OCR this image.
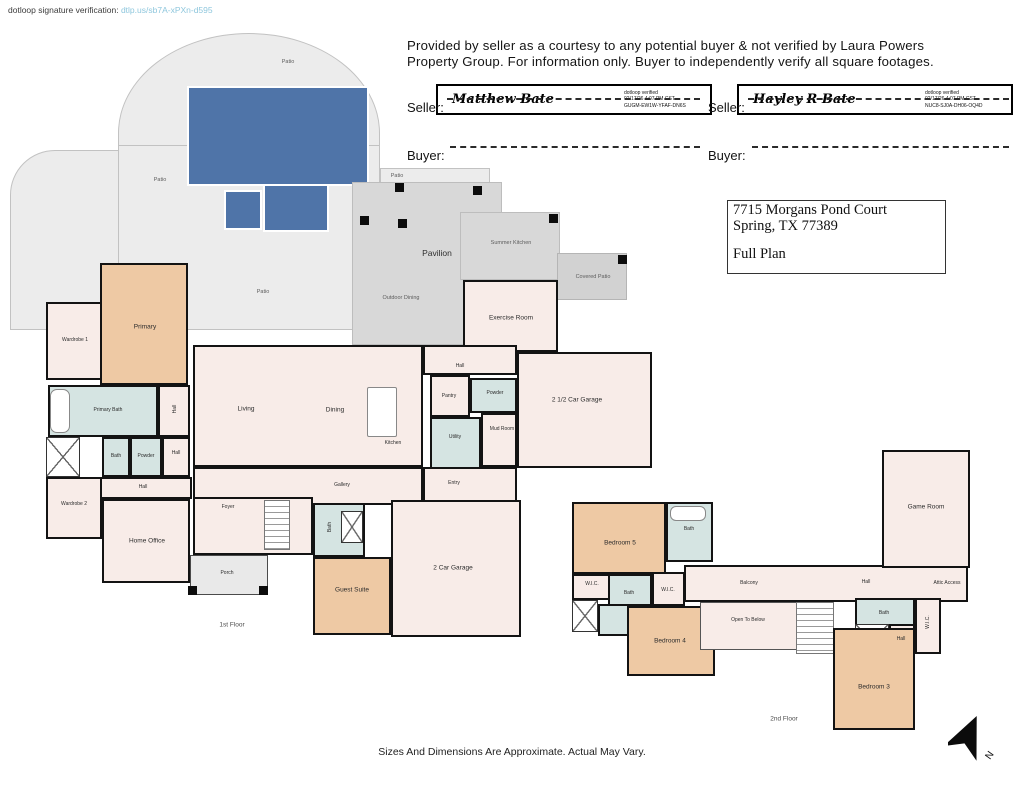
dotloop signature verification: dtlp.us/sb7A-xPXn-d595
Provided by seller as a courtesy to any potential buyer & not verified by Laura Powers Property Group. For information only. Buyer to independently verify all square footages.
Matthew Bate	dotloop verified
02/17/26 4:07 PM CST
GUGM-EW1W-YFAF-DN6S
Seller:
Hayley R Bate	dotloop verified
02/17/26 4:07 PM CST
NUC8-SJ0A-DH06-OQ4D
Seller:
Buyer:	Buyer:
7715 Morgans Pond Court
Spring, TX 77389
Full Plan
Patio
Patio
Patio
Patio
Pavilion
Outdoor Dining
Summer Kitchen
Covered Patio
Exercise Room
Hall
Primary
Wardrobe 1
Primary Bath	Hall
Bath	Powder	Hall
Hall
Wardrobe 2
Home Office
Living	Dining
Kitchen
Pantry	Powder
Utility
Mud Room
2 1/2 Car Garage
Gallery	Entry
Foyer
Porch
Bath
Guest Suite
2 Car Garage
1st Floor
Bedroom 5
Bath
W.I.C.
Bath	W.I.C.
Bedroom 4
Balcony
Open To Below
Hall	Attic Access
Game Room
Bath
Hall
W.I.C.
Bedroom 3
2nd Floor
Sizes And Dimensions Are Approximate. Actual May Vary.	N
